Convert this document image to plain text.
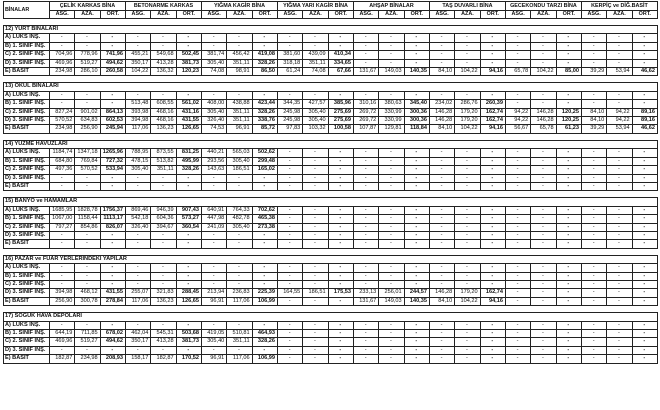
BİNALAR	ÇELİK KARKAS BİNA			BETONARME KARKAS			YIĞMA KAGİR BİNA			YIĞMA YARI KAGİR BİNA			AHŞAP BİNALAR			TAŞ DUVARLI BİNA			GECEKONDU TARZI BİNA			KERPİÇ ve DİĞ.BASİT		
	ASG.	AZA.	ORT.	ASG.	AZA.	ORT.	ASG.	AZA.	ORT.	ASG.	AZA.	ORT.	ASG.	AZA.	ORT.	ASG.	AZA.	ORT.	ASG.	AZA.	ORT.	ASG.	AZA.	ORT.

12) YURT BİNALARI																								
A) LÜKS İNŞ.	-	-	-	-	-	-	-	-	-	-	-	-	-	-	-	-	-	-	-	-	-	-	-	-
B) 1. SINIF İNŞ.	-	-	-	-	-	-	-	-	-	-	-	-	-	-	-	-	-	-	-	-	-	-	-	-
C) 2. SINIF İNŞ.	704,96	778,96	741,96	455,21	549,68	502,45	381,74	456,42	419,08	381,60	439,09	410,34	-	-	-	-	-	-	-	-	-	-	-	-
D) 3. SINIF İNŞ.	469,96	519,27	494,62	350,17	413,28	381,73	305,40	351,11	328,26	318,18	351,11	334,65	-	-	-	-	-	-	-	-	-	-	-	-
E) BASİT	234,98	286,10	260,58	104,22	136,32	120,23	74,08	98,91	86,50	61,24	74,08	67,66	131,67	149,03	140,35	84,10	104,22	94,16	65,78	104,22	85,00	39,29	53,94	46,62

13) OKUL BİNALARI																								
A) LÜKS İNŞ.	-	-	-	-	-	-	-	-	-	-	-	-	-	-	-	-	-	-	-	-	-	-	-	-
B) 1. SINIF İNŞ.	-	-	-	513,48	608,55	561,02	408,00	438,88	423,44	344,35	427,57	385,96	310,16	380,63	345,40	234,02	286,76	260,39	-	-	-	-	-	-
C) 2. SINIF İNŞ.	827,24	901,02	864,13	393,98	468,16	431,16	305,40	351,11	328,26	245,98	305,40	275,69	269,72	330,99	300,36	146,28	179,20	162,74	94,22	146,28	120,25	84,10	94,22	89,16
D) 3. SINIF İNŞ.	570,52	634,83	602,53	394,98	468,16	431,55	326,40	351,11	338,76	245,98	305,40	275,69	269,72	330,99	300,36	146,28	179,20	162,74	94,22	146,28	120,25	84,10	94,22	89,16
E) BASİT	234,98	256,90	245,94	117,06	136,23	126,65	74,53	96,91	85,72	97,83	103,32	100,58	107,87	129,81	118,84	84,10	104,22	94,16	56,67	65,78	61,23	39,29	53,94	46,62

14) YÜZME HAVUZLARI																								
A) LÜKS İNŞ.	1184,74	1347,18	1265,96	788,95	873,55	831,25	440,21	565,03	502,62	-	-	-	-	-	-	-	-	-	-	-	-	-	-	-
B) 1. SINIF İNŞ.	684,80	769,84	727,32	478,15	513,82	495,99	293,56	305,40	299,48	-	-	-	-	-	-	-	-	-	-	-	-	-	-	-
C) 2. SINIF İNŞ.	497,36	570,52	533,94	305,40	351,11	328,26	143,63	186,51	165,02	-	-	-	-	-	-	-	-	-	-	-	-	-	-	-
D) 3. SINIF İNŞ.	-	-	-	-	-	-	-	-	-	-	-	-	-	-	-	-	-	-	-	-	-	-	-	-
E) BASİT	-	-	-	-	-	-	-	-	-	-	-	-	-	-	-	-	-	-	-	-	-	-	-	-

15) BANYO ve HAMAMLAR																								
A) LÜKS İNŞ.	1685,95	1828,78	1756,37	869,46	946,39	907,43	640,91	764,33	702,62	-	-	-	-	-	-	-	-	-	-	-	-	-	-	-
B) 1. SINIF İNŞ.	1067,00	1158,44	1113,17	542,18	604,36	573,27	447,98	482,78	465,38	-	-	-	-	-	-	-	-	-	-	-	-	-	-	-
C) 2. SINIF İNŞ.	797,27	854,86	826,07	326,40	394,67	360,54	241,09	305,40	273,38	-	-	-	-	-	-	-	-	-	-	-	-	-	-	-
D) 3. SINIF İNŞ.	-	-	-	-	-	-	-	-	-	-	-	-	-	-	-	-	-	-	-	-	-	-	-	-
E) BASİT	-	-	-	-	-	-	-	-	-	-	-	-	-	-	-	-	-	-	-	-	-	-	-	-

16) PAZAR ve FUAR YERLERİNDEKİ YAPILAR																								
A) LÜKS İNŞ.	-	-	-	-	-	-	-	-	-	-	-	-	-	-	-	-	-	-	-	-	-	-	-	-
B) 1. SINIF İNŞ.	-	-	-	-	-	-	-	-	-	-	-	-	-	-	-	-	-	-	-	-	-	-	-	-
C) 2. SINIF İNŞ.	-	-	-	-	-	-	-	-	-	-	-	-	-	-	-	-	-	-	-	-	-	-	-	-
D) 3. SINIF İNŞ.	394,98	468,12	431,55	255,07	321,83	288,45	213,94	236,83	225,39	164,55	186,51	175,53	233,13	256,01	244,57	146,28	179,20	162,74	-	-	-	-	-	-
E) BASİT	256,90	300,78	278,84	117,06	136,23	126,65	96,91	117,06	106,99	-	-	-	131,67	149,03	140,35	84,10	104,22	94,16	-	-	-	-	-	-

17) SOĞUK HAVA DEPOLARI																								
A) LÜKS İNŞ.	-	-	-	-	-	-	-	-	-	-	-	-	-	-	-	-	-	-	-	-	-	-	-	-
B) 1. SINIF İNŞ.	644,19	711,85	678,02	462,04	545,31	503,68	419,05	510,81	464,93	-	-	-	-	-	-	-	-	-	-	-	-	-	-	-
C) 2. SINIF İNŞ.	469,96	519,27	494,62	350,17	413,28	381,73	305,40	351,11	328,26	-	-	-	-	-	-	-	-	-	-	-	-	-	-	-
D) 3. SINIF İNŞ.	-	-	-	-	-	-	-	-	-	-	-	-	-	-	-	-	-	-	-	-	-	-	-	-
E) BASİT	182,87	234,98	208,93	158,17	182,87	170,52	96,91	117,06	106,99	-	-	-	-	-	-	-	-	-	-	-	-	-	-	-
